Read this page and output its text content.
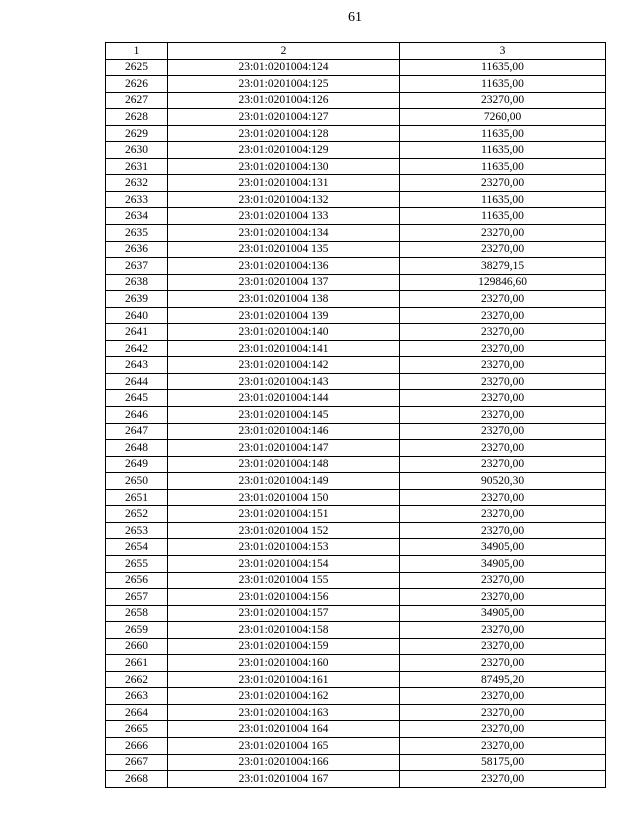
61
1	2	3
2625	23:01:0201004:124	11635,00
2626	23:01:0201004:125	11635,00
2627	23:01:0201004:126	23270,00
2628	23:01:0201004:127	7260,00
2629	23:01:0201004:128	11635,00
2630	23:01:0201004:129	11635,00
2631	23:01:0201004:130	11635,00
2632	23:01:0201004:131	23270,00
2633	23:01:0201004:132	11635,00
2634	23:01:0201004 133	11635,00
2635	23:01:0201004:134	23270,00
2636	23:01:0201004 135	23270,00
2637	23:01:0201004:136	38279,15
2638	23:01:0201004 137	129846,60
2639	23:01:0201004 138	23270,00
2640	23:01:0201004 139	23270,00
2641	23:01:0201004:140	23270,00
2642	23:01:0201004:141	23270,00
2643	23:01:0201004:142	23270,00
2644	23:01:0201004:143	23270,00
2645	23:01:0201004:144	23270,00
2646	23:01:0201004:145	23270,00
2647	23:01:0201004:146	23270,00
2648	23:01:0201004:147	23270,00
2649	23:01:0201004:148	23270,00
2650	23:01:0201004:149	90520,30
2651	23:01:0201004 150	23270,00
2652	23:01:0201004:151	23270,00
2653	23:01:0201004 152	23270,00
2654	23:01:0201004:153	34905,00
2655	23:01:0201004:154	34905,00
2656	23:01:0201004 155	23270,00
2657	23:01:0201004:156	23270,00
2658	23:01:0201004:157	34905,00
2659	23:01:0201004:158	23270,00
2660	23:01:0201004:159	23270,00
2661	23:01:0201004:160	23270,00
2662	23:01:0201004:161	87495,20
2663	23:01:0201004:162	23270,00
2664	23:01:0201004:163	23270,00
2665	23:01:0201004 164	23270,00
2666	23:01:0201004 165	23270,00
2667	23:01:0201004:166	58175,00
2668	23:01:0201004 167	23270,00
